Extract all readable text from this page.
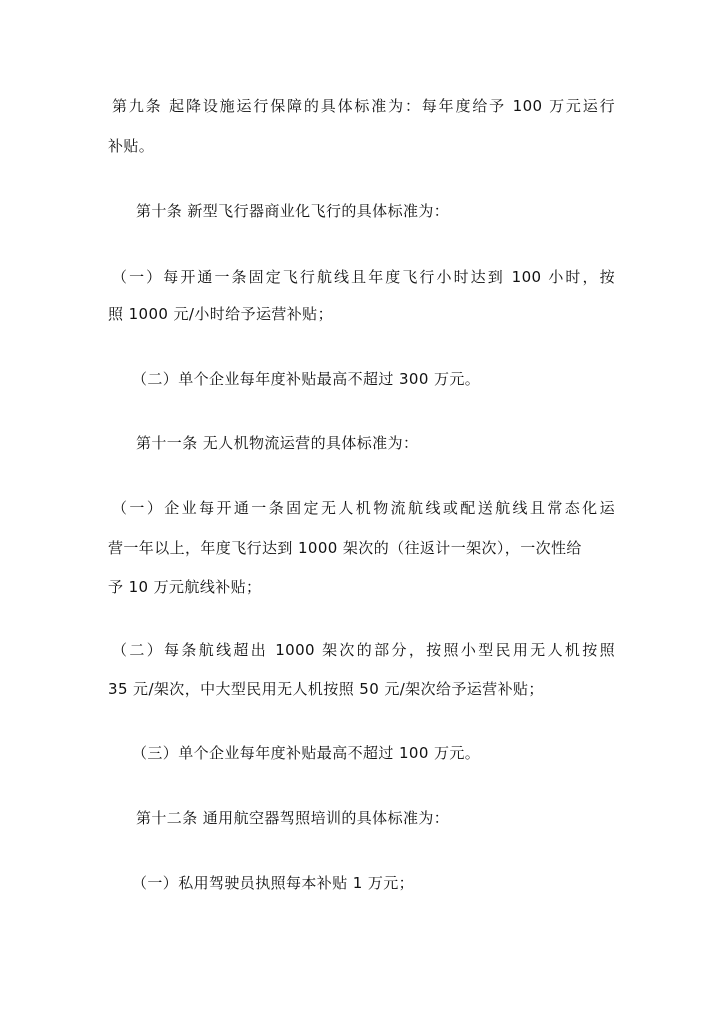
第九条 起降设施运行保障的具体标准为：每年度给予 100 万元运行
补贴。
第十条 新型飞行器商业化飞行的具体标准为：
（一）每开通一条固定飞行航线且年度飞行小时达到 100 小时，按
照 1000 元/小时给予运营补贴；
（二）单个企业每年度补贴最高不超过 300 万元。
第十一条 无人机物流运营的具体标准为：
（一）企业每开通一条固定无人机物流航线或配送航线且常态化运
营一年以上，年度飞行达到 1000 架次的（往返计一架次），一次性给
予 10 万元航线补贴；
（二）每条航线超出 1000 架次的部分，按照小型民用无人机按照
35 元/架次，中大型民用无人机按照 50 元/架次给予运营补贴；
（三）单个企业每年度补贴最高不超过 100 万元。
第十二条 通用航空器驾照培训的具体标准为：
（一）私用驾驶员执照每本补贴 1 万元；
